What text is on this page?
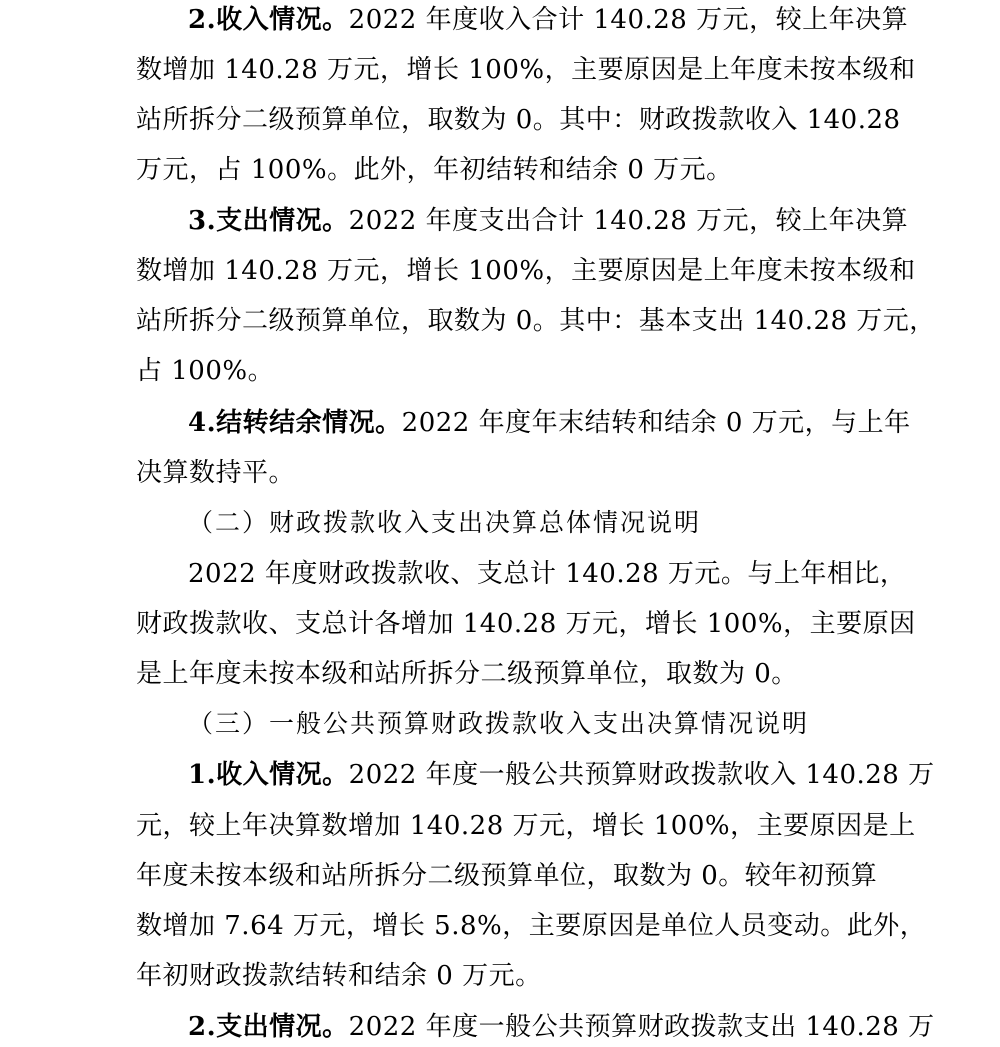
2.收入情况。2022 年度收入合计 140.28 万元，较上年决算
数增加 140.28 万元，增长 100%，主要原因是上年度未按本级和
站所拆分二级预算单位，取数为 0。其中：财政拨款收入 140.28
万元，占 100%。此外，年初结转和结余 0 万元。
3.支出情况。2022 年度支出合计 140.28 万元，较上年决算
数增加 140.28 万元，增长 100%，主要原因是上年度未按本级和
站所拆分二级预算单位，取数为 0。其中：基本支出 140.28 万元，
占 100%。
4.结转结余情况。2022 年度年末结转和结余 0 万元，与上年
决算数持平。
（二）财政拨款收入支出决算总体情况说明
2022 年度财政拨款收、支总计 140.28 万元。与上年相比，
财政拨款收、支总计各增加 140.28 万元，增长 100%，主要原因
是上年度未按本级和站所拆分二级预算单位，取数为 0。
（三）一般公共预算财政拨款收入支出决算情况说明
1.收入情况。2022 年度一般公共预算财政拨款收入 140.28 万
元，较上年决算数增加 140.28 万元，增长 100%，主要原因是上
年度未按本级和站所拆分二级预算单位，取数为 0。较年初预算
数增加 7.64 万元，增长 5.8%，主要原因是单位人员变动。此外，
年初财政拨款结转和结余 0 万元。
2.支出情况。2022 年度一般公共预算财政拨款支出 140.28 万
